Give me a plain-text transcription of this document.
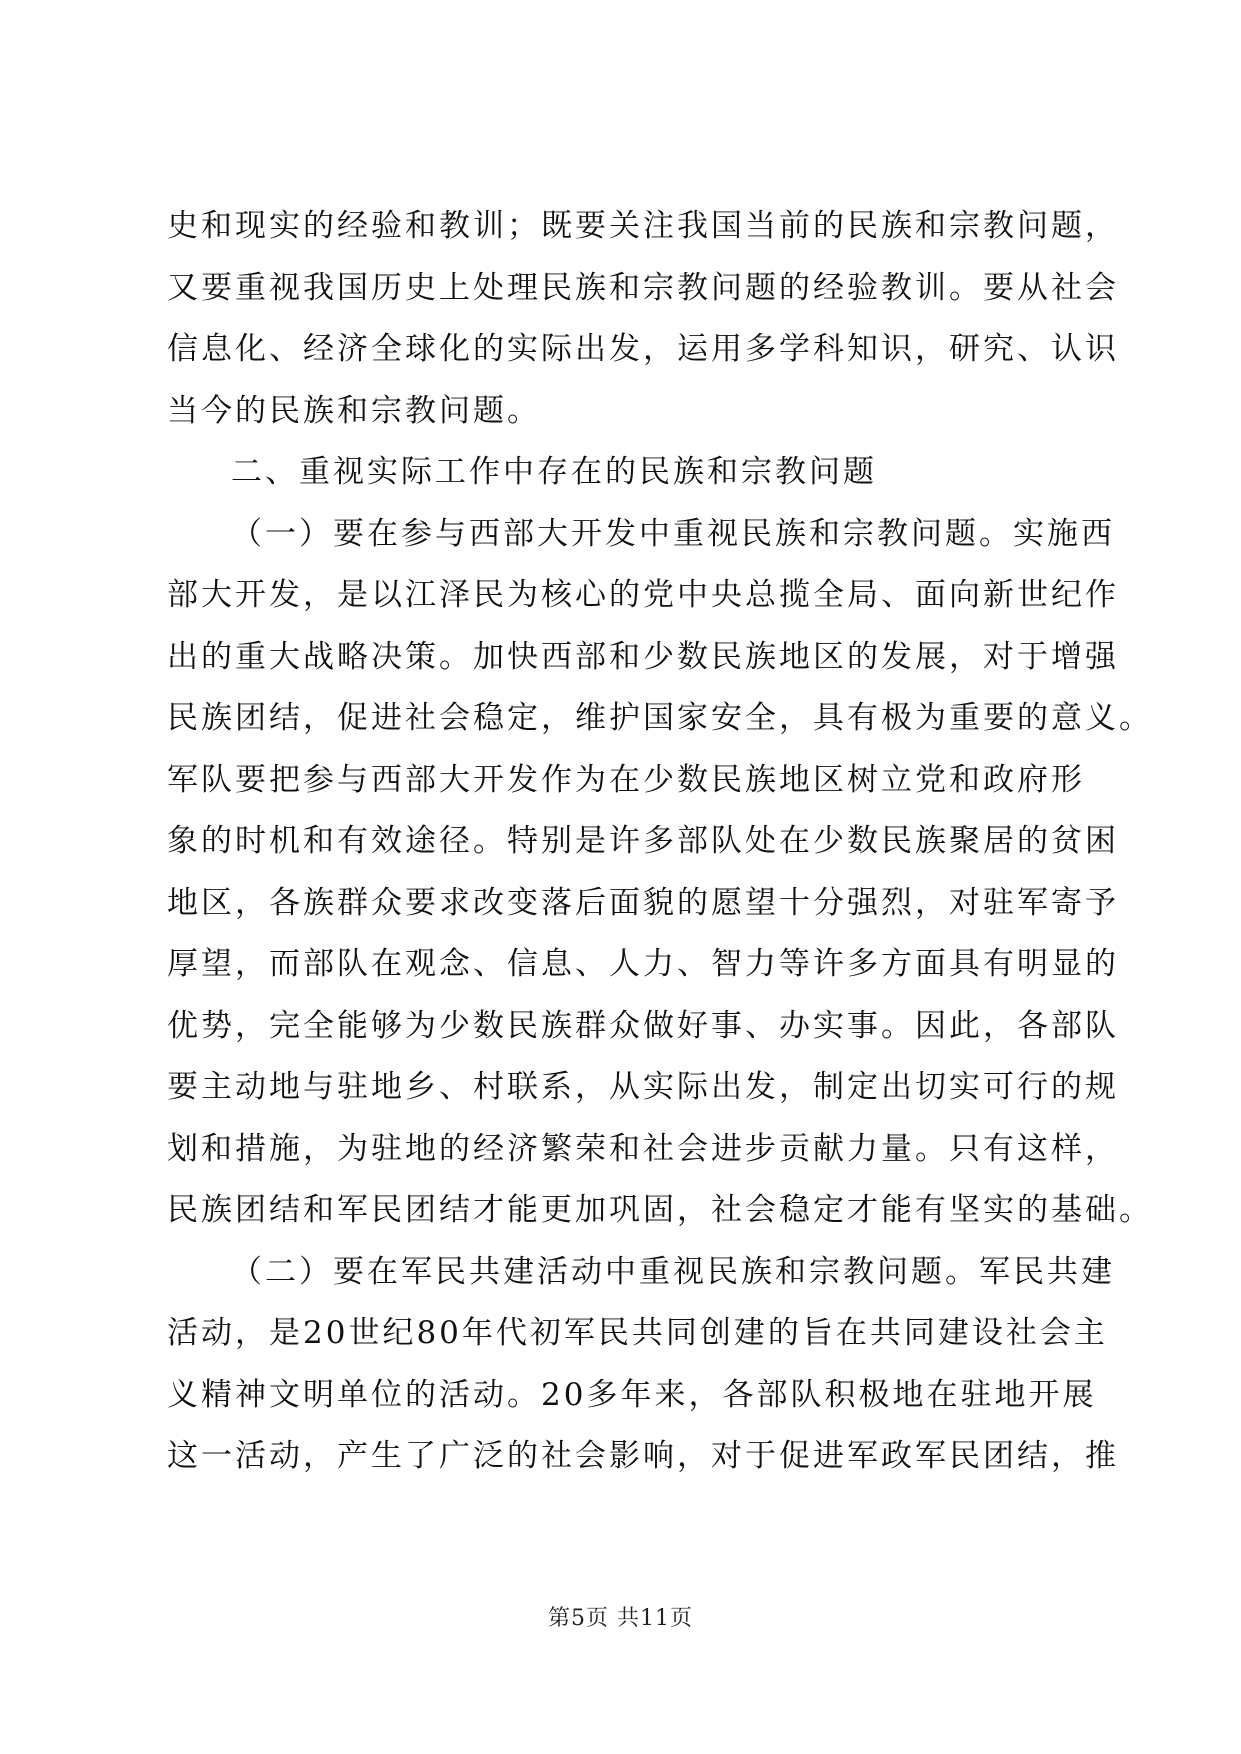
史和现实的经验和教训；既要关注我国当前的民族和宗教问题，
又要重视我国历史上处理民族和宗教问题的经验教训。要从社会
信息化、经济全球化的实际出发，运用多学科知识，研究、认识
当今的民族和宗教问题。
二、重视实际工作中存在的民族和宗教问题
（一）要在参与西部大开发中重视民族和宗教问题。实施西
部大开发，是以江泽民为核心的党中央总揽全局、面向新世纪作
出的重大战略决策。加快西部和少数民族地区的发展，对于增强
民族团结，促进社会稳定，维护国家安全，具有极为重要的意义。
军队要把参与西部大开发作为在少数民族地区树立党和政府形
象的时机和有效途径。特别是许多部队处在少数民族聚居的贫困
地区，各族群众要求改变落后面貌的愿望十分强烈，对驻军寄予
厚望，而部队在观念、信息、人力、智力等许多方面具有明显的
优势，完全能够为少数民族群众做好事、办实事。因此，各部队
要主动地与驻地乡、村联系，从实际出发，制定出切实可行的规
划和措施，为驻地的经济繁荣和社会进步贡献力量。只有这样，
民族团结和军民团结才能更加巩固，社会稳定才能有坚实的基础。
（二）要在军民共建活动中重视民族和宗教问题。军民共建
活动，是20世纪80年代初军民共同创建的旨在共同建设社会主
义精神文明单位的活动。20多年来，各部队积极地在驻地开展
这一活动，产生了广泛的社会影响，对于促进军政军民团结，推
第5页 共11页
